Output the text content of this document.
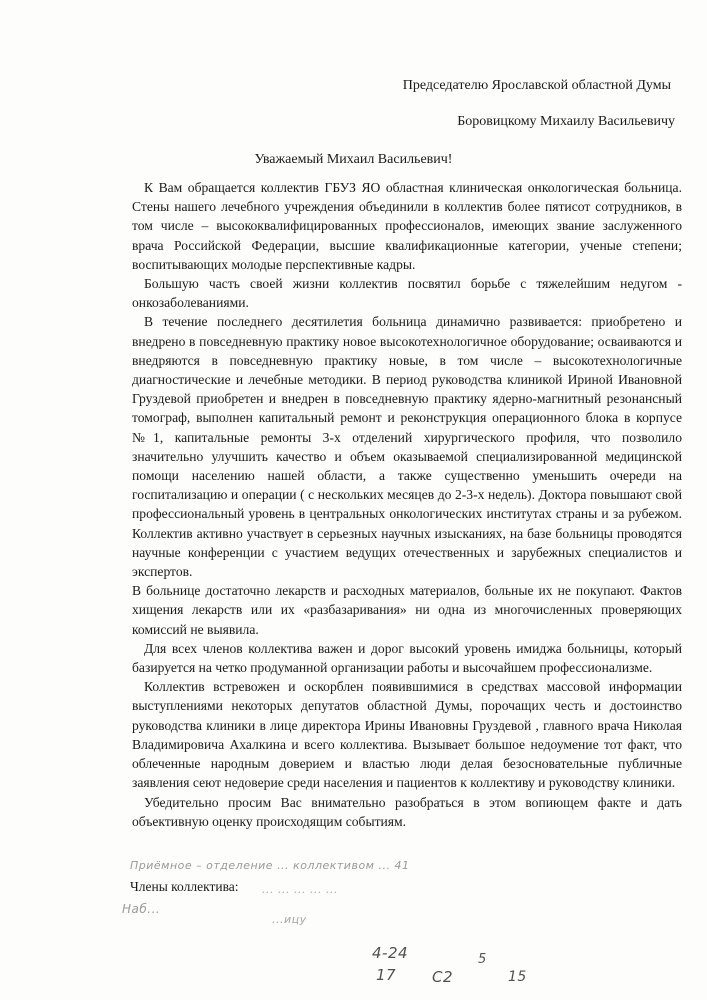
Председателю Ярославской областной Думы
Боровицкому Михаилу Васильевичу
Уважаемый Михаил Васильевич!

К Вам обращается коллектив ГБУЗ ЯО областная клиническая онкологическая больница. Стены нашего лечебного учреждения объединили в коллектив более пятисот сотрудников, в том числе – высококвалифицированных профессионалов, имеющих звание заслуженного врача Российской Федерации, высшие квалификационные категории, ученые степени; воспитывающих молодые перспективные кадры.

Большую часть своей жизни коллектив посвятил борьбе с тяжелейшим недугом - онкозаболеваниями.

В течение последнего десятилетия больница динамично развивается: приобретено и внедрено в повседневную практику новое высокотехнологичное оборудование; осваиваются и внедряются в повседневную практику новые, в том числе – высокотехнологичные диагностические и лечебные методики. В период руководства клиникой Ириной Ивановной Груздевой приобретен и внедрен в повседневную практику ядерно-магнитный резонансный томограф, выполнен капитальный ремонт и реконструкция операционного блока в корпусе №1, капитальные ремонты 3-х отделений хирургического профиля, что позволило значительно улучшить качество и объем оказываемой специализированной медицинской помощи населению нашей области, а также существенно уменьшить очереди на госпитализацию и операции ( с нескольких месяцев до 2-3-х недель). Доктора повышают свой профессиональный уровень в центральных онкологических институтах страны и за рубежом. Коллектив активно участвует в серьезных научных изысканиях, на базе больницы проводятся научные конференции с участием ведущих отечественных и зарубежных специалистов и экспертов.

В больнице достаточно лекарств и расходных материалов, больные их не покупают. Фактов хищения лекарств или их «разбазаривания» ни одна из многочисленных проверяющих комиссий не выявила.

Для всех членов коллектива важен и дорог высокий уровень имиджа больницы, который базируется на четко продуманной организации работы и высочайшем профессионализме.

Коллектив встревожен и оскорблен появившимися в средствах массовой информации выступлениями некоторых депутатов областной Думы, порочащих честь и достоинство руководства клиники в лице директора Ирины Ивановны Груздевой , главного врача Николая Владимировича Ахалкина и всего коллектива. Вызывает большое недоумение тот факт, что облеченные народным доверием и властью люди делая безосновательные публичные заявления сеют недоверие среди населения и пациентов к коллективу и руководству клиники.

Убедительно просим Вас внимательно разобраться в этом вопиющем факте и дать объективную оценку происходящим событиям.

Приёмное – отделение ... коллективом ... 41
Члены коллектива: ... ... ... ... ...
Наб...
...ицу
4-24	5
17 С2	15
